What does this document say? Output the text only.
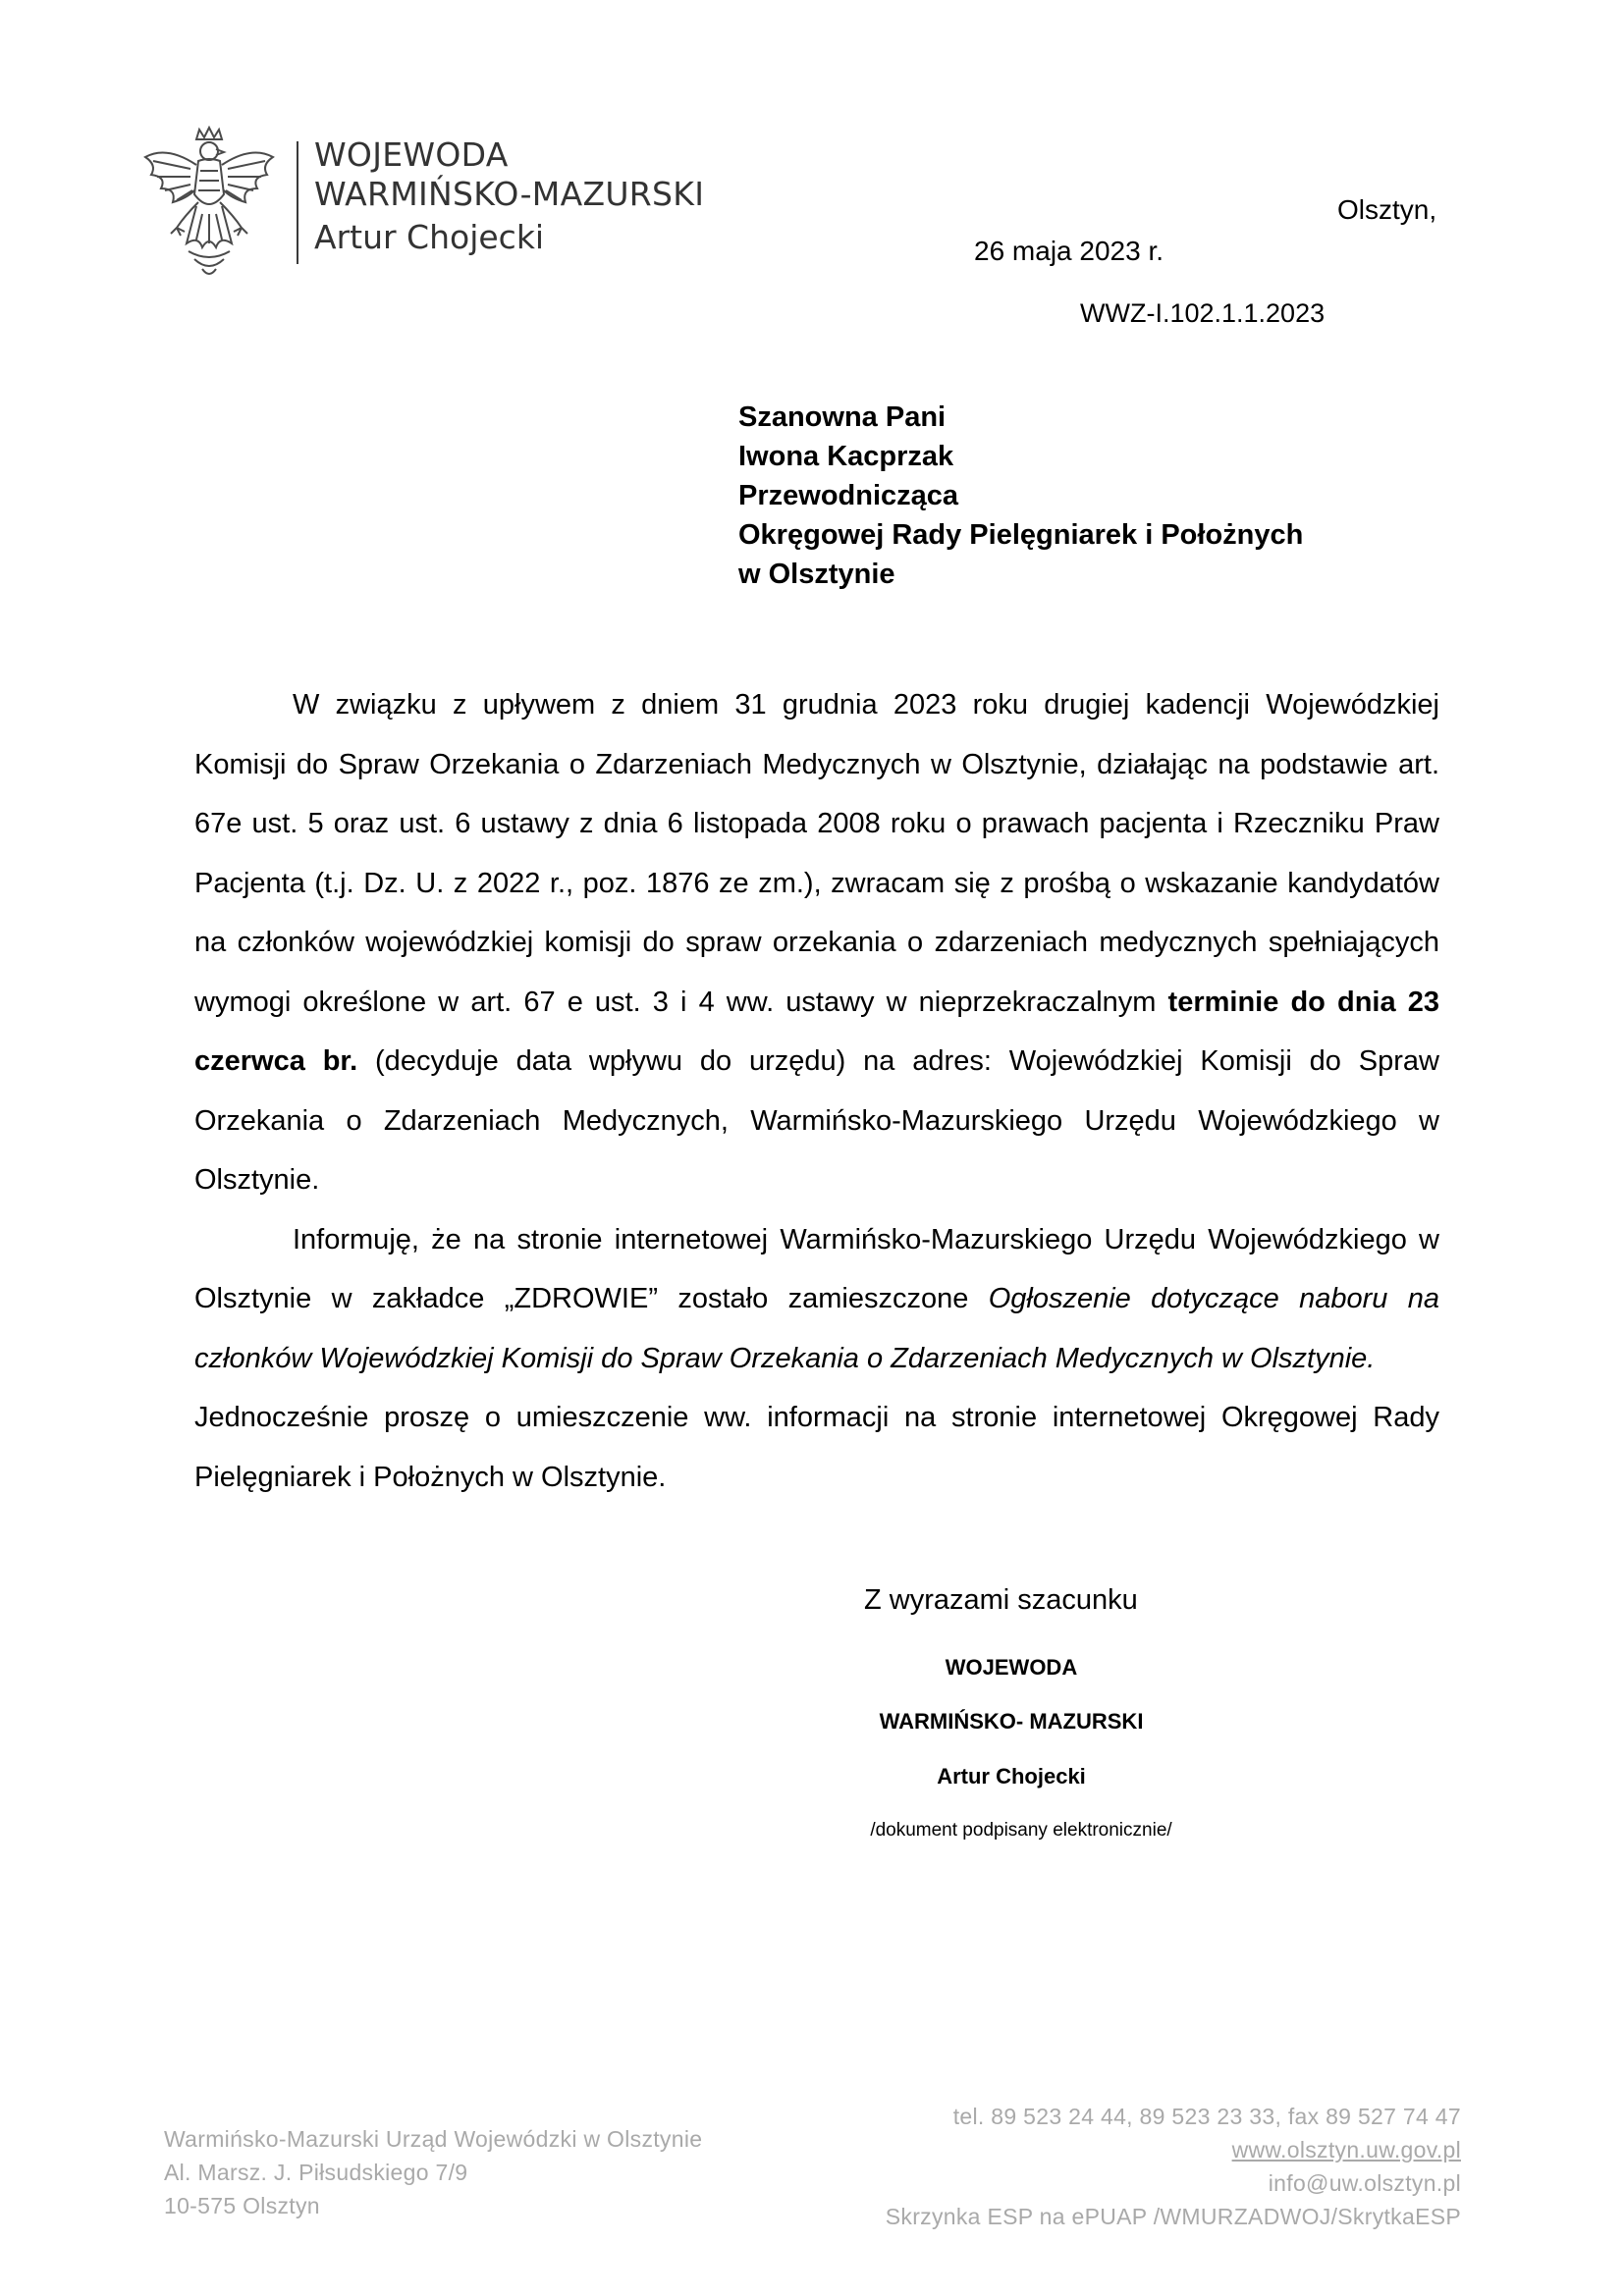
WOJEWODA
WARMIŃSKO-MAZURSKI
Artur Chojecki
Olsztyn,
26 maja 2023 r.
WWZ-I.102.1.1.2023
Szanowna Pani
Iwona Kacprzak
Przewodnicząca
Okręgowej Rady Pielęgniarek i Położnych
w Olsztynie

W związku z upływem z dniem 31 grudnia 2023 roku drugiej kadencji Wojewódzkiej Komisji do Spraw Orzekania o Zdarzeniach Medycznych w Olsztynie, działając na podstawie art. 67e ust. 5 oraz ust. 6 ustawy z dnia 6 listopada 2008 roku o prawach pacjenta i Rzeczniku Praw Pacjenta (t.j. Dz. U. z 2022 r., poz. 1876 ze zm.), zwracam się z prośbą o wskazanie kandydatów na członków wojewódzkiej komisji do spraw orzekania o zdarzeniach medycznych spełniających wymogi określone w art. 67 e ust. 3 i 4 ww. ustawy w nieprzekraczalnym terminie do dnia 23 czerwca br. (decyduje data wpływu do urzędu) na adres: Wojewódzkiej Komisji do Spraw Orzekania o Zdarzeniach Medycznych, Warmińsko-Mazurskiego Urzędu Wojewódzkiego w Olsztynie.

Informuję, że na stronie internetowej Warmińsko-Mazurskiego Urzędu Wojewódzkiego w Olsztynie w zakładce „ZDROWIE” zostało zamieszczone Ogłoszenie dotyczące naboru na członków Wojewódzkiej Komisji do Spraw Orzekania o Zdarzeniach Medycznych w Olsztynie.

Jednocześnie proszę o umieszczenie ww. informacji na stronie internetowej Okręgowej Rady Pielęgniarek i Położnych w Olsztynie.

Z wyrazami szacunku
WOJEWODA
WARMIŃSKO- MAZURSKI
Artur Chojecki
/dokument podpisany elektronicznie/
Warmińsko-Mazurski Urząd Wojewódzki w Olsztynie
Al. Marsz. J. Piłsudskiego 7/9
10-575 Olsztyn
tel. 89 523 24 44, 89 523 23 33, fax 89 527 74 47
www.olsztyn.uw.gov.pl
info@uw.olsztyn.pl
Skrzynka ESP na ePUAP /WMURZADWOJ/SkrytkaESP
